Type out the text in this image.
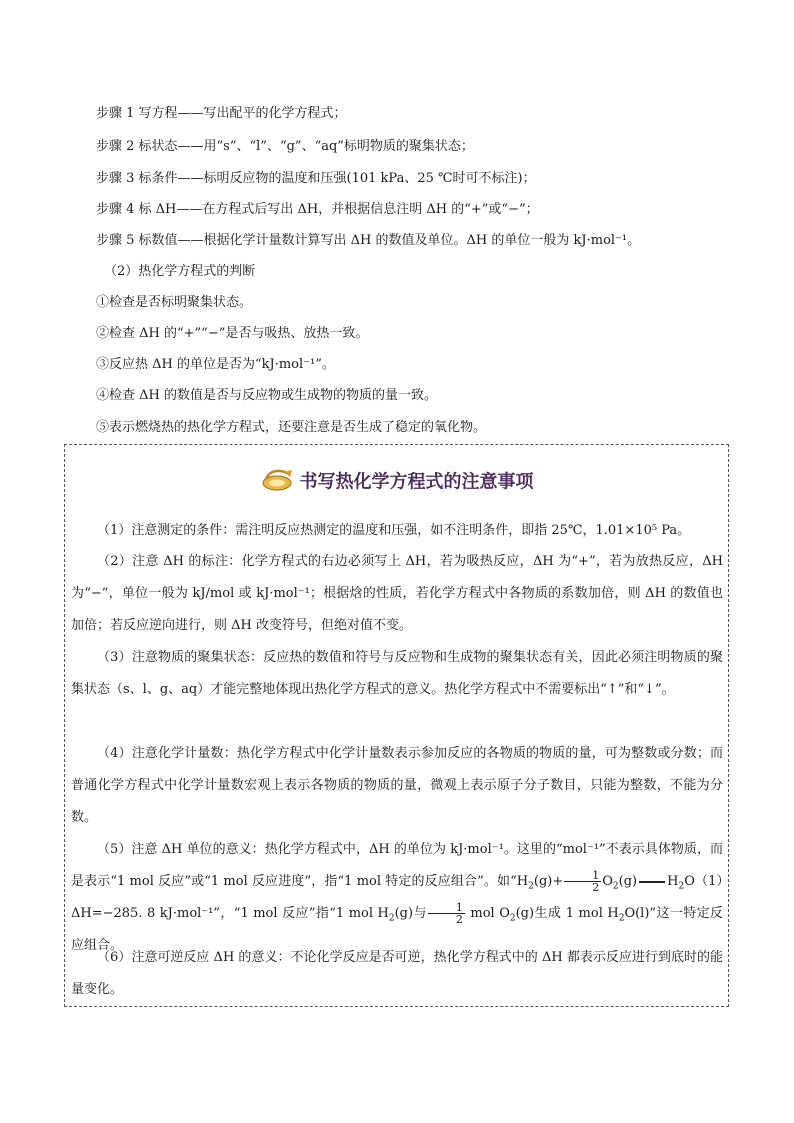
步骤 1 写方程——写出配平的化学方程式；
步骤 2 标状态——用“s”、“l”、“g”、“aq”标明物质的聚集状态；
步骤 3 标条件——标明反应物的温度和压强(101 kPa、25 ℃时可不标注)；
步骤 4 标 ΔH——在方程式后写出 ΔH，并根据信息注明 ΔH 的“+”或“−”；
步骤 5 标数值——根据化学计量数计算写出 ΔH 的数值及单位。ΔH 的单位一般为 kJ·mol⁻¹。
（2）热化学方程式的判断
①检查是否标明聚集状态。
②检查 ΔH 的“+”“−”是否与吸热、放热一致。
③反应热 ΔH 的单位是否为“kJ·mol⁻¹”。
④检查 ΔH 的数值是否与反应物或生成物的物质的量一致。
⑤表示燃烧热的热化学方程式，还要注意是否生成了稳定的氧化物。
书写热化学方程式的注意事项
（1）注意测定的条件：需注明反应热测定的温度和压强，如不注明条件，即指 25℃，1.01×10⁵ Pa。
（2）注意 ΔH 的标注：化学方程式的右边必须写上 ΔH，若为吸热反应，ΔH 为“+”，若为放热反应，ΔH 为“−”，单位一般为 kJ/mol 或 kJ·mol⁻¹；根据焓的性质，若化学方程式中各物质的系数加倍，则 ΔH 的数值也加倍；若反应逆向进行，则 ΔH 改变符号，但绝对值不变。
（3）注意物质的聚集状态：反应热的数值和符号与反应物和生成物的聚集状态有关，因此必须注明物质的聚集状态（s、l、g、aq）才能完整地体现出热化学方程式的意义。热化学方程式中不需要标出“↑”和“↓”。
（4）注意化学计量数：热化学方程式中化学计量数表示参加反应的各物质的物质的量，可为整数或分数；而普通化学方程式中化学计量数宏观上表示各物质的物质的量，微观上表示原子分子数目，只能为整数，不能为分数。
（5）注意 ΔH 单位的意义：热化学方程式中，ΔH 的单位为 kJ·mol⁻¹。这里的“mol⁻¹”不表示具体物质，而是表示“1 mol 反应”或“1 mol 反应进度”，指“1 mol 特定的反应组合”。如“$H_2(g)+ \frac{1}{2} O_2(g)$ $H_2O(1)\Delta H=-285$. 8 kJ·mol⁻¹”，“1 mol 反应”指“1 mol $H_2(g)$与 $\frac{1}{2}$ mol $O_2(g)$生成 1 mol $H_2O(l)$”这一特定反应组合。
（6）注意可逆反应 ΔH 的意义：不论化学反应是否可逆，热化学方程式中的 ΔH 都表示反应进行到底时的能量变化。
